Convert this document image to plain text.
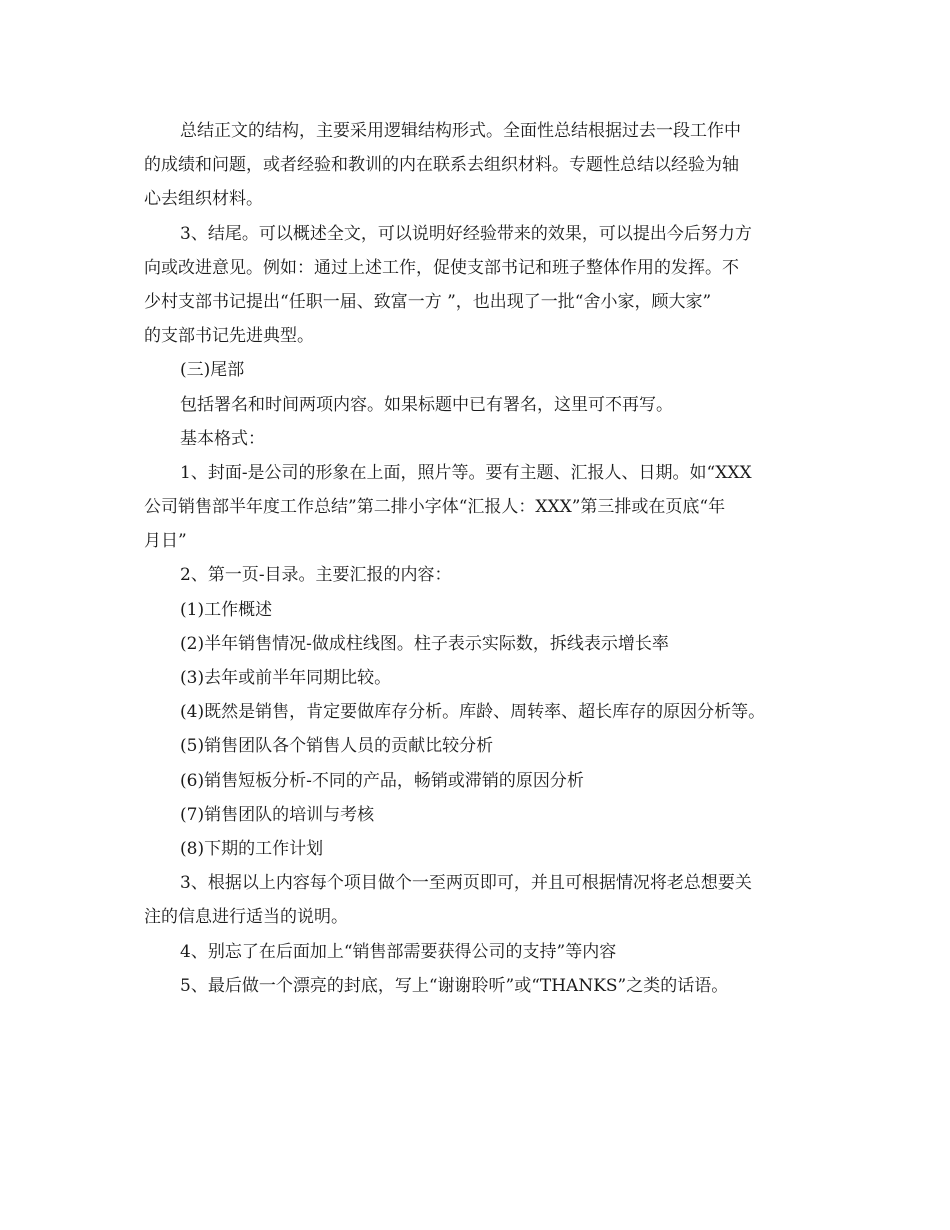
总结正文的结构，主要采用逻辑结构形式。全面性总结根据过去一段工作中

的成绩和问题，或者经验和教训的内在联系去组织材料。专题性总结以经验为轴

心去组织材料。

3、结尾。可以概述全文，可以说明好经验带来的效果，可以提出今后努力方

向或改进意见。例如：通过上述工作，促使支部书记和班子整体作用的发挥。不

少村支部书记提出“任职一届、致富一方 ”，也出现了一批“舍小家，顾大家”

的支部书记先进典型。

(三)尾部

包括署名和时间两项内容。如果标题中已有署名，这里可不再写。

基本格式：

1、封面-是公司的形象在上面，照片等。要有主题、汇报人、日期。如“XXX

公司销售部半年度工作总结”第二排小字体“汇报人：XXX”第三排或在页底“年

月日”

2、第一页-目录。主要汇报的内容：

(1)工作概述

(2)半年销售情况-做成柱线图。柱子表示实际数，拆线表示增长率

(3)去年或前半年同期比较。

(4)既然是销售，肯定要做库存分析。库龄、周转率、超长库存的原因分析等。

(5)销售团队各个销售人员的贡献比较分析

(6)销售短板分析-不同的产品，畅销或滞销的原因分析

(7)销售团队的培训与考核

(8)下期的工作计划

3、根据以上内容每个项目做个一至两页即可，并且可根据情况将老总想要关

注的信息进行适当的说明。

4、别忘了在后面加上“销售部需要获得公司的支持”等内容

5、最后做一个漂亮的封底，写上“谢谢聆听”或“THANKS”之类的话语。
